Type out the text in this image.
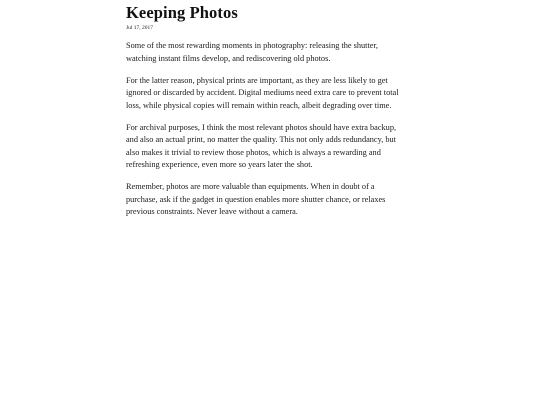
Keeping Photos
Jul 17, 2017

Some of the most rewarding moments in photography: releasing the shutter, watching instant films develop, and rediscovering old photos.

For the latter reason, physical prints are important, as they are less likely to get ignored or discarded by accident. Digital mediums need extra care to prevent total loss, while physical copies will remain within reach, albeit degrading over time.

For archival purposes, I think the most relevant photos should have extra backup, and also an actual print, no matter the quality. This not only adds redundancy, but also makes it trivial to review those photos, which is always a rewarding and refreshing experience, even more so years later the shot.

Remember, photos are more valuable than equipments. When in doubt of a purchase, ask if the gadget in question enables more shutter chance, or relaxes previous constraints. Never leave without a camera.
